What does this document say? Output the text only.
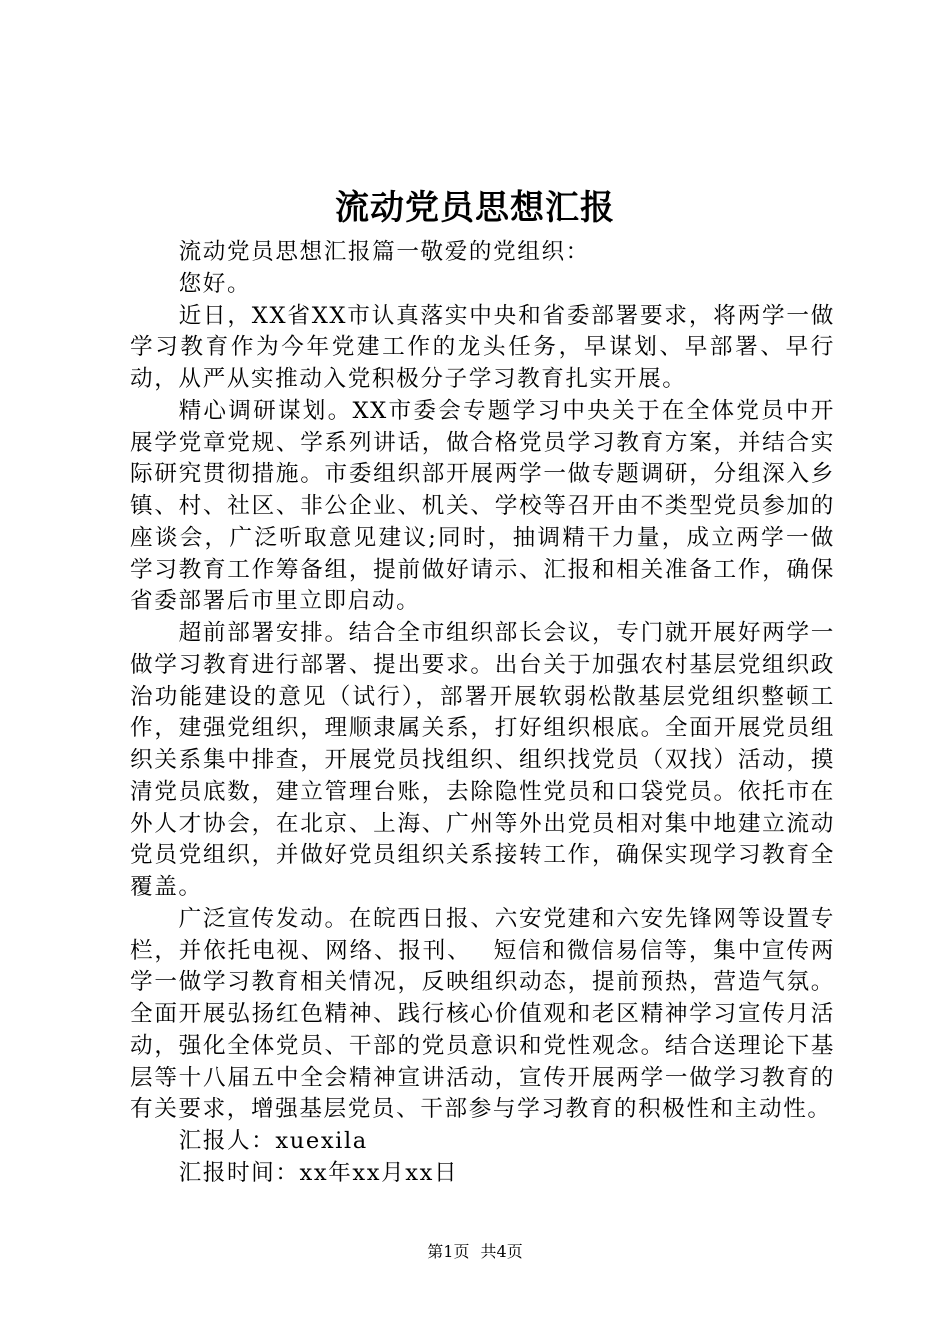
流动党员思想汇报

流动党员思想汇报篇一敬爱的党组织：

您好。

近日，XX省XX市认真落实中央和省委部署要求，将两学一做学习教育作为今年党建工作的龙头任务，早谋划、早部署、早行动，从严从实推动入党积极分子学习教育扎实开展。

精心调研谋划。XX市委会专题学习中央关于在全体党员中开展学党章党规、学系列讲话，做合格党员学习教育方案，并结合实际研究贯彻措施。市委组织部开展两学一做专题调研，分组深入乡镇、村、社区、非公企业、机关、学校等召开由不类型党员参加的座谈会，广泛听取意见建议;同时，抽调精干力量，成立两学一做学习教育工作筹备组，提前做好请示、汇报和相关准备工作，确保省委部署后市里立即启动。

超前部署安排。结合全市组织部长会议，专门就开展好两学一做学习教育进行部署、提出要求。出台关于加强农村基层党组织政治功能建设的意见（试行），部署开展软弱松散基层党组织整顿工作，建强党组织，理顺隶属关系，打好组织根底。全面开展党员组织关系集中排查，开展党员找组织、组织找党员（双找）活动，摸清党员底数，建立管理台账，去除隐性党员和口袋党员。依托市在外人才协会，在北京、上海、广州等外出党员相对集中地建立流动党员党组织，并做好党员组织关系接转工作，确保实现学习教育全覆盖。

广泛宣传发动。在皖西日报、六安党建和六安先锋网等设置专栏，并依托电视、网络、报刊、　 短信和微信易信等，集中宣传两学一做学习教育相关情况，反映组织动态，提前预热，营造气氛。全面开展弘扬红色精神、践行核心价值观和老区精神学习宣传月活动，强化全体党员、干部的党员意识和党性观念。结合送理论下基层等十八届五中全会精神宣讲活动，宣传开展两学一做学习教育的有关要求，增强基层党员、干部参与学习教育的积极性和主动性。

汇报人：xuexila

汇报时间：xx年xx月xx日

第1页 共4页
